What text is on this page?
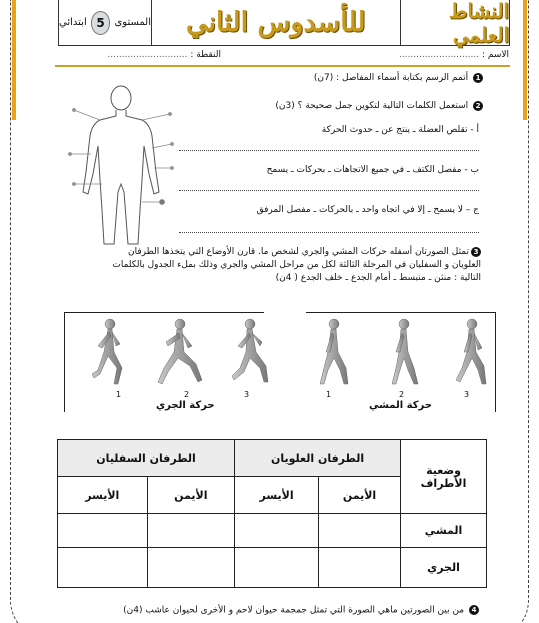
النشاط العلمي
للأسدوس الثاني
المستوى
5
ابتدائي
الاسم : ............................
النقطة : ............................
1 أتمم الرسم بكتابة أسماء المفاصل : (7ن)
2 استعمل الكلمات التالية لتكوين جمل صحيحة ؟ (3ن)
أ - تقلص العضلة ـ ينتج عن ـ حدوث الحركة
ب - مفصل الكتف ـ في جميع الاتجاهات ـ بحركات ـ يسمح
ج – لا يسمح ـ إلا في اتجاه واحد ـ بالحركات ـ مفصل المرفق
3تمثل الصورتان أسفله حركات المشي والجري لشخص ما. قارن الأوضاع التي يتخذها الطرفان
العلويان و السفليان في المرحلة الثالثة لكل من مراحل المشي والجري وذلك بملء الجدول بالكلمات
التالية : منثن ـ منبسط ـ أمام الجدع ـ خلف الجدع ( 4ن)
1	2	3	1	2	3
حركة الجري	حركة المشي
وضعية
الأطراف	الطرفان العلويان		الطرفان السفليان	
	الأيمن	الأيسر	الأيمن	الأيسر
المشي				
الجري				
4 من بين الصورتين ماهي الصورة التي تمثل جمجمة حيوان لاحم و الأخرى لحيوان عاشب (4ن)
